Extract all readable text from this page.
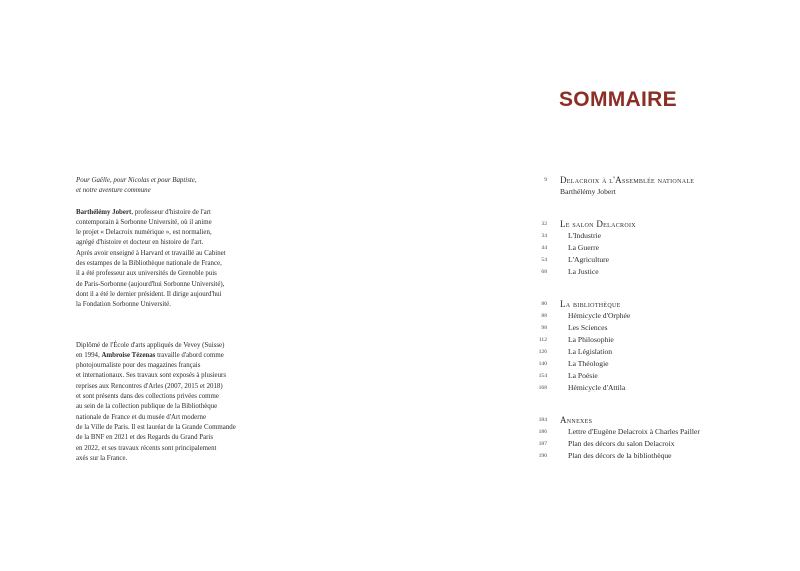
Pour Gaëlle, pour Nicolas et pour Baptiste,
et notre aventure commune

Barthélémy Jobert, professeur d'histoire de l'art
contemporain à Sorbonne Université, où il anime
le projet « Delacroix numérique », est normalien,
agrégé d'histoire et docteur en histoire de l'art.
Après avoir enseigné à Harvard et travaillé au Cabinet
des estampes de la Bibliothèque nationale de France,
il a été professeur aux universités de Grenoble puis
de Paris-Sorbonne (aujourd'hui Sorbonne Université),
dont il a été le dernier président. Il dirige aujourd'hui
la Fondation Sorbonne Université.

Diplômé de l'École d'arts appliqués de Vevey (Suisse)
en 1994, Ambroise Tézenas travaille d'abord comme
photojournaliste pour des magazines français
et internationaux. Ses travaux sont exposés à plusieurs
reprises aux Rencontres d'Arles (2007, 2015 et 2018)
et sont présents dans des collections privées comme
au sein de la collection publique de la Bibliothèque
nationale de France et du musée d'Art moderne
de la Ville de Paris. Il est lauréat de la Grande Commande
de la BNF en 2021 et des Regards du Grand Paris
en 2022, et ses travaux récents sont principalement
axés sur la France.

SOMMAIRE
9 Delacroix à l'Assemblée nationale
Barthélémy Jobert
32 Le salon Delacroix
34	L'Industrie
44	La Guerre
54	L'Agriculture
68	La Justice
80 La bibliothèque
88	Hémicycle d'Orphée
98	Les Sciences
112	La Philosophie
126	La Législation
140	La Théologie
154	La Poésie
168	Hémicycle d'Attila
184 Annexes
186	Lettre d'Eugène Delacroix à Charles Pailler
187	Plan des décors du salon Delacroix
190	Plan des décors de la bibliothèque
